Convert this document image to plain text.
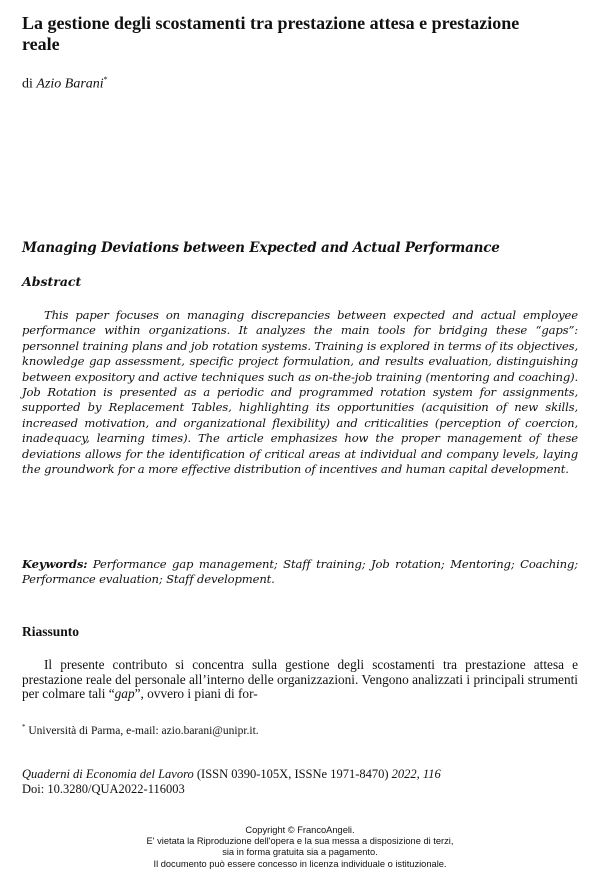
La gestione degli scostamenti tra prestazione attesa e prestazione reale

di Azio Barani*

Managing Deviations between Expected and Actual Performance
Abstract

This paper focuses on managing discrepancies between expected and actual employee performance within organizations. It analyzes the main tools for bridging these “gaps”: personnel training plans and job rotation systems. Training is explored in terms of its objectives, knowledge gap assessment, specific project formulation, and results evaluation, distinguishing between expository and active techniques such as on-the-job training (mentoring and coaching). Job Rotation is presented as a periodic and programmed rotation system for assignments, supported by Replacement Tables, highlighting its opportunities (acquisition of new skills, increased motivation, and organizational flexibility) and criticalities (perception of coercion, inadequacy, learning times). The article emphasizes how the proper management of these deviations allows for the identification of critical areas at individual and company levels, laying the groundwork for a more effective distribution of incentives and human capital development.

Keywords: Performance gap management; Staff training; Job rotation; Mentoring; Coaching; Performance evaluation; Staff development.

Riassunto

Il presente contributo si concentra sulla gestione degli scostamenti tra prestazione attesa e prestazione reale del personale all’interno delle organizzazioni. Vengono analizzati i principali strumenti per colmare tali “gap”, ovvero i piani di for-

* Università di Parma, e-mail: azio.barani@unipr.it.

Quaderni di Economia del Lavoro (ISSN 0390-105X, ISSNe 1971-8470) 2022, 116
Doi: 10.3280/QUA2022-116003

Copyright © FrancoAngeli.
E' vietata la Riproduzione dell'opera e la sua messa a disposizione di terzi,
sia in forma gratuita sia a pagamento.
Il documento può essere concesso in licenza individuale o istituzionale.
